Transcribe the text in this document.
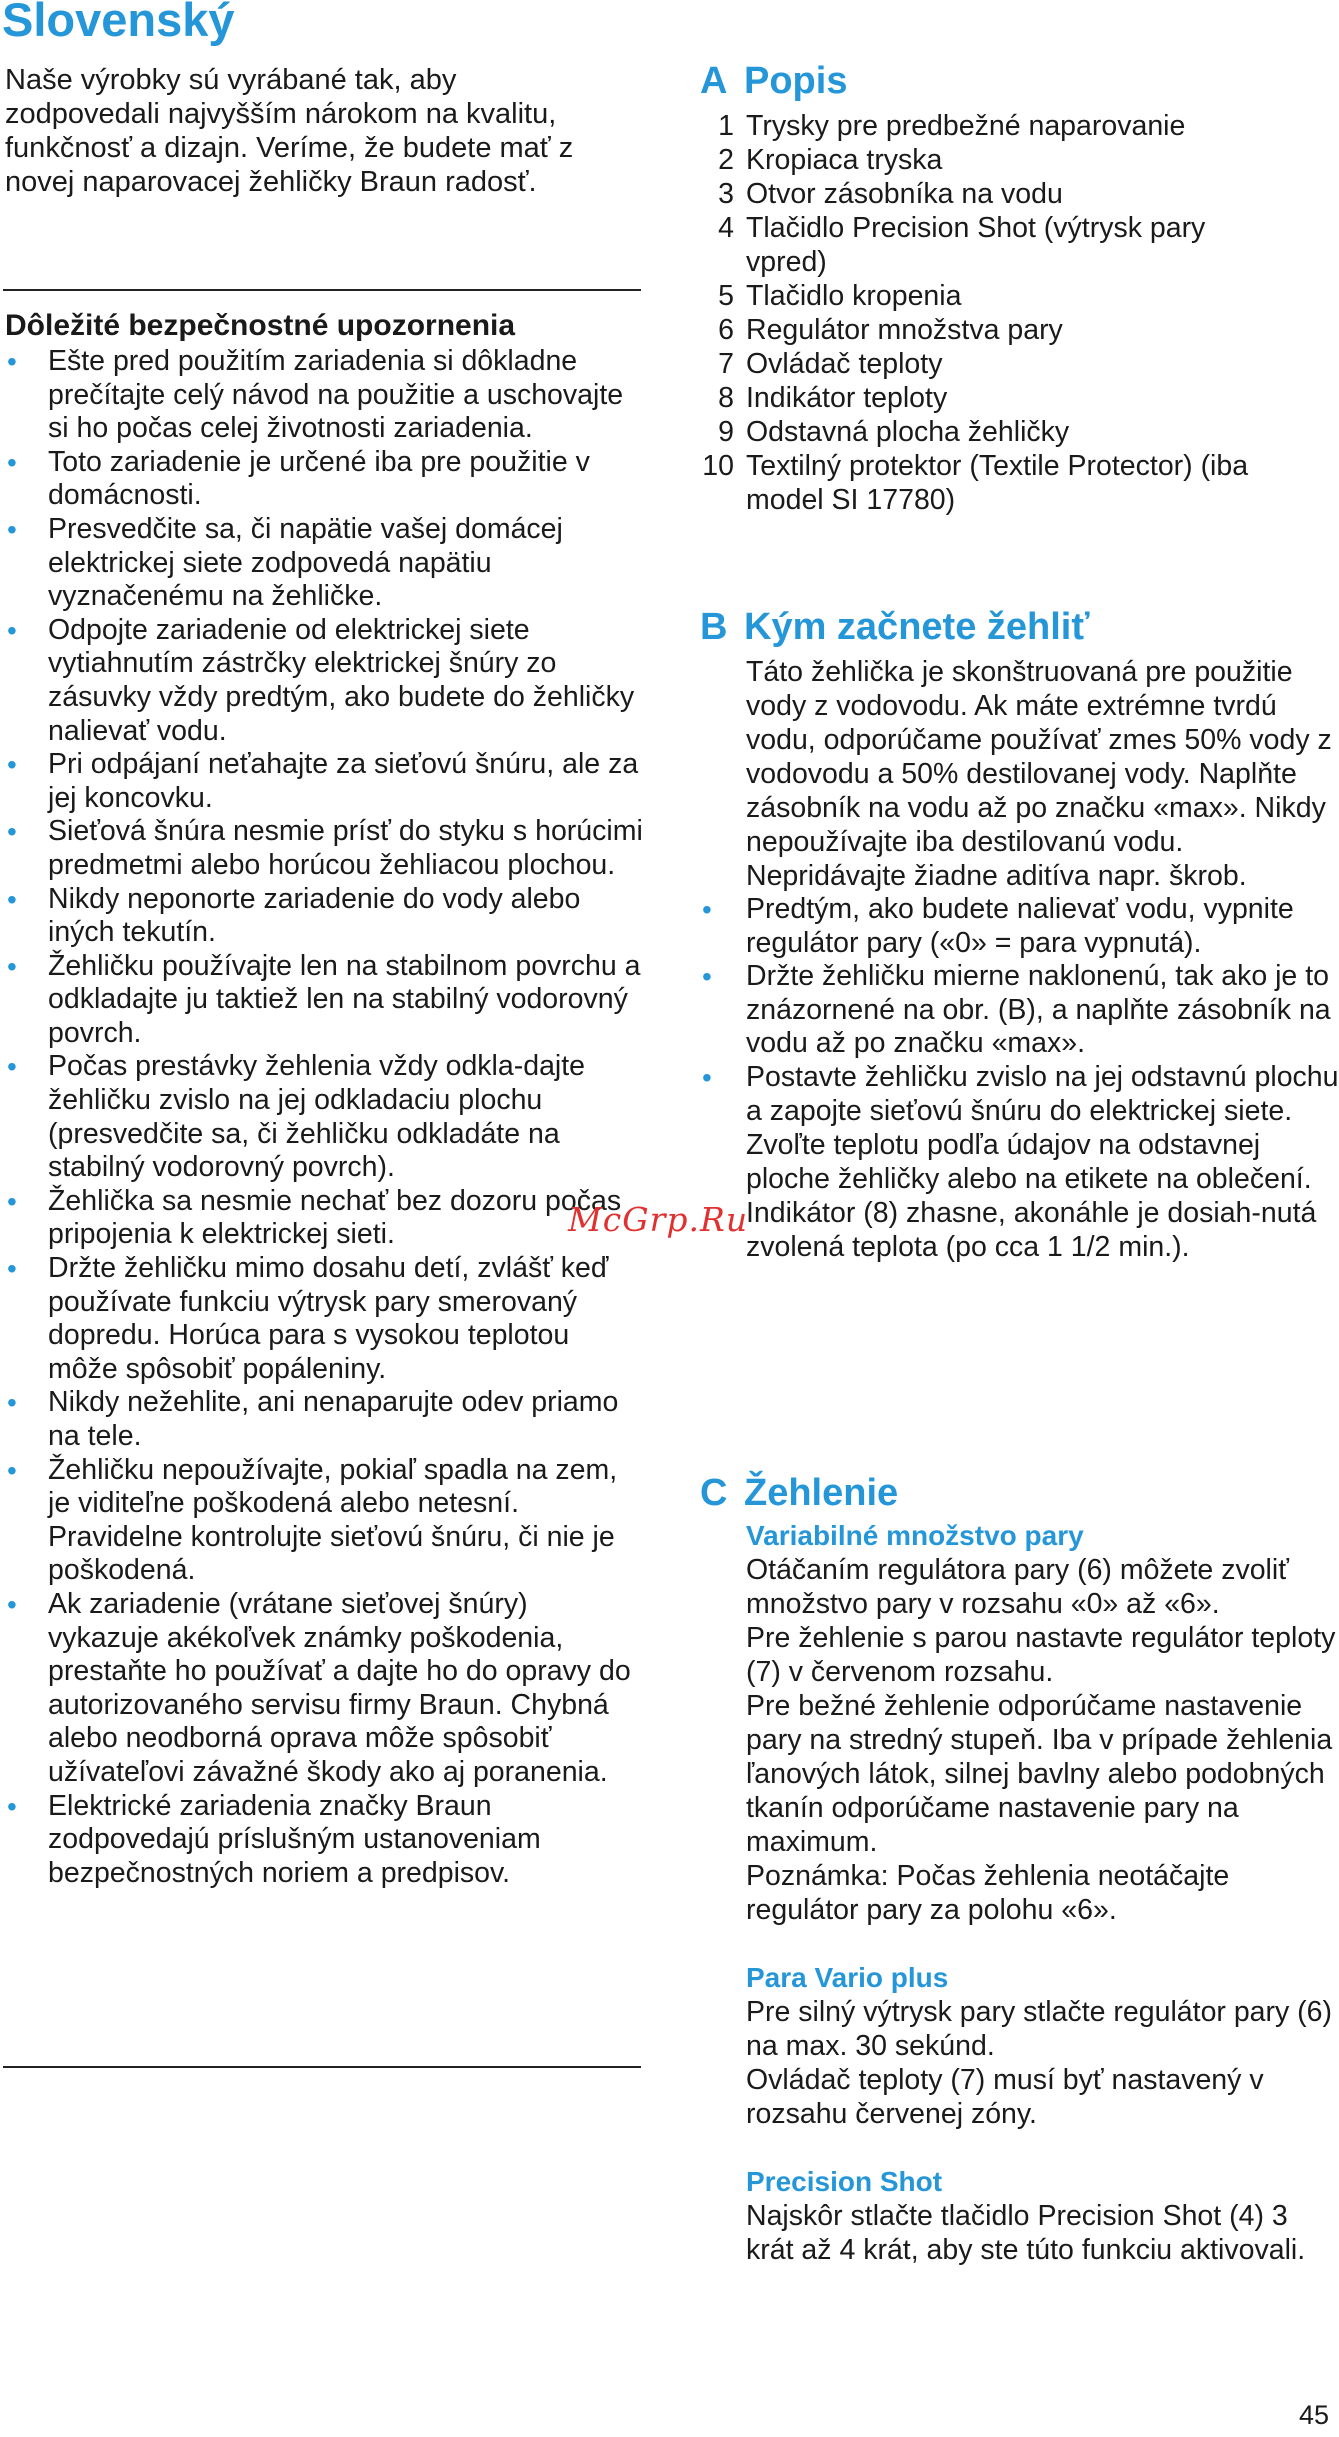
Slovenský

Naše výrobky sú vyrábané tak, aby zodpovedali najvyšším nárokom na kvalitu, funkčnosť a dizajn. Veríme, že budete mať z novej naparovacej žehličky Braun radosť.

Dôležité bezpečnostné upozornenia
• Ešte pred použitím zariadenia si dôkladne prečítajte celý návod na použitie a uschovajte si ho počas celej životnosti zariadenia.
• Toto zariadenie je určené iba pre použitie v domácnosti.
• Presvedčite sa, či napätie vašej domácej elektrickej siete zodpovedá napätiu vyznačenému na žehličke.
• Odpojte zariadenie od elektrickej siete vytiahnutím zástrčky elektrickej šnúry zo zásuvky vždy predtým, ako budete do žehličky nalievať vodu.
• Pri odpájaní neťahajte za sieťovú šnúru, ale za jej koncovku.
• Sieťová šnúra nesmie prísť do styku s horúcimi predmetmi alebo horúcou žehliacou plochou.
• Nikdy neponorte zariadenie do vody alebo iných tekutín.
• Žehličku používajte len na stabilnom povrchu a odkladajte ju taktiež len na stabilný vodorovný povrch.
• Počas prestávky žehlenia vždy odkla-dajte žehličku zvislo na jej odkladaciu plochu (presvedčite sa, či žehličku odkladáte na stabilný vodorovný povrch).
• Žehlička sa nesmie nechať bez dozoru počas pripojenia k elektrickej sieti.
• Držte žehličku mimo dosahu detí, zvlášť keď používate funkciu výtrysk pary smerovaný dopredu. Horúca para s vysokou teplotou môže spôsobiť popáleniny.
• Nikdy nežehlite, ani nenaparujte odev priamo na tele.
• Žehličku nepoužívajte, pokiaľ spadla na zem, je viditeľne poškodená alebo netesní. Pravidelne kontrolujte sieťovú šnúru, či nie je poškodená.
• Ak zariadenie (vrátane sieťovej šnúry) vykazuje akékoľvek známky poškodenia, prestaňte ho používať a dajte ho do opravy do autorizovaného servisu firmy Braun. Chybná alebo neodborná oprava môže spôsobiť užívateľovi závažné škody ako aj poranenia.
• Elektrické zariadenia značky Braun zodpovedajú príslušným ustanoveniam bezpečnostných noriem a predpisov.
A Popis
1 Trysky pre predbežné naparovanie
2 Kropiaca tryska
3 Otvor zásobníka na vodu
4 Tlačidlo Precision Shot (výtrysk pary vpred)
5 Tlačidlo kropenia
6 Regulátor množstva pary
7 Ovládač teploty
8 Indikátor teploty
9 Odstavná plocha žehličky
10 Textilný protektor (Textile Protector) (iba model SI 17780)
B Kým začnete žehliť

Táto žehlička je skonštruovaná pre použitie vody z vodovodu. Ak máte extrémne tvrdú vodu, odporúčame používať zmes 50% vody z vodovodu a 50% destilovanej vody. Naplňte zásobník na vodu až po značku «max». Nikdy nepoužívajte iba destilovanú vodu. Nepridávajte žiadne aditíva napr. škrob.

• Predtým, ako budete nalievať vodu, vypnite regulátor pary («0» = para vypnutá).
• Držte žehličku mierne naklonenú, tak ako je to znázornené na obr. (B), a naplňte zásobník na vodu až po značku «max».
• Postavte žehličku zvislo na jej odstavnú plochu a zapojte sieťovú šnúru do elektrickej siete.

Zvoľte teplotu podľa údajov na odstavnej ploche žehličky alebo na etikete na oblečení.

Indikátor (8) zhasne, akonáhle je dosiah-nutá zvolená teplota (po cca 1 1/2 min.).

C Žehlenie
Variabilné množstvo pary

Otáčaním regulátora pary (6) môžete zvoliť množstvo pary v rozsahu «0» až «6».

Pre žehlenie s parou nastavte regulátor teploty (7) v červenom rozsahu.

Pre bežné žehlenie odporúčame nastavenie pary na stredný stupeň. Iba v prípade žehlenia ľanových látok, silnej bavlny alebo podobných tkanín odporúčame nastavenie pary na maximum.

Poznámka: Počas žehlenia neotáčajte regulátor pary za polohu «6».

Para Vario plus

Pre silný výtrysk pary stlačte regulátor pary (6) na max. 30 sekúnd.

Ovládač teploty (7) musí byť nastavený v rozsahu červenej zóny.

Precision Shot

Najskôr stlačte tlačidlo Precision Shot (4) 3 krát až 4 krát, aby ste túto funkciu aktivovali.

McGrp.Ru
45
